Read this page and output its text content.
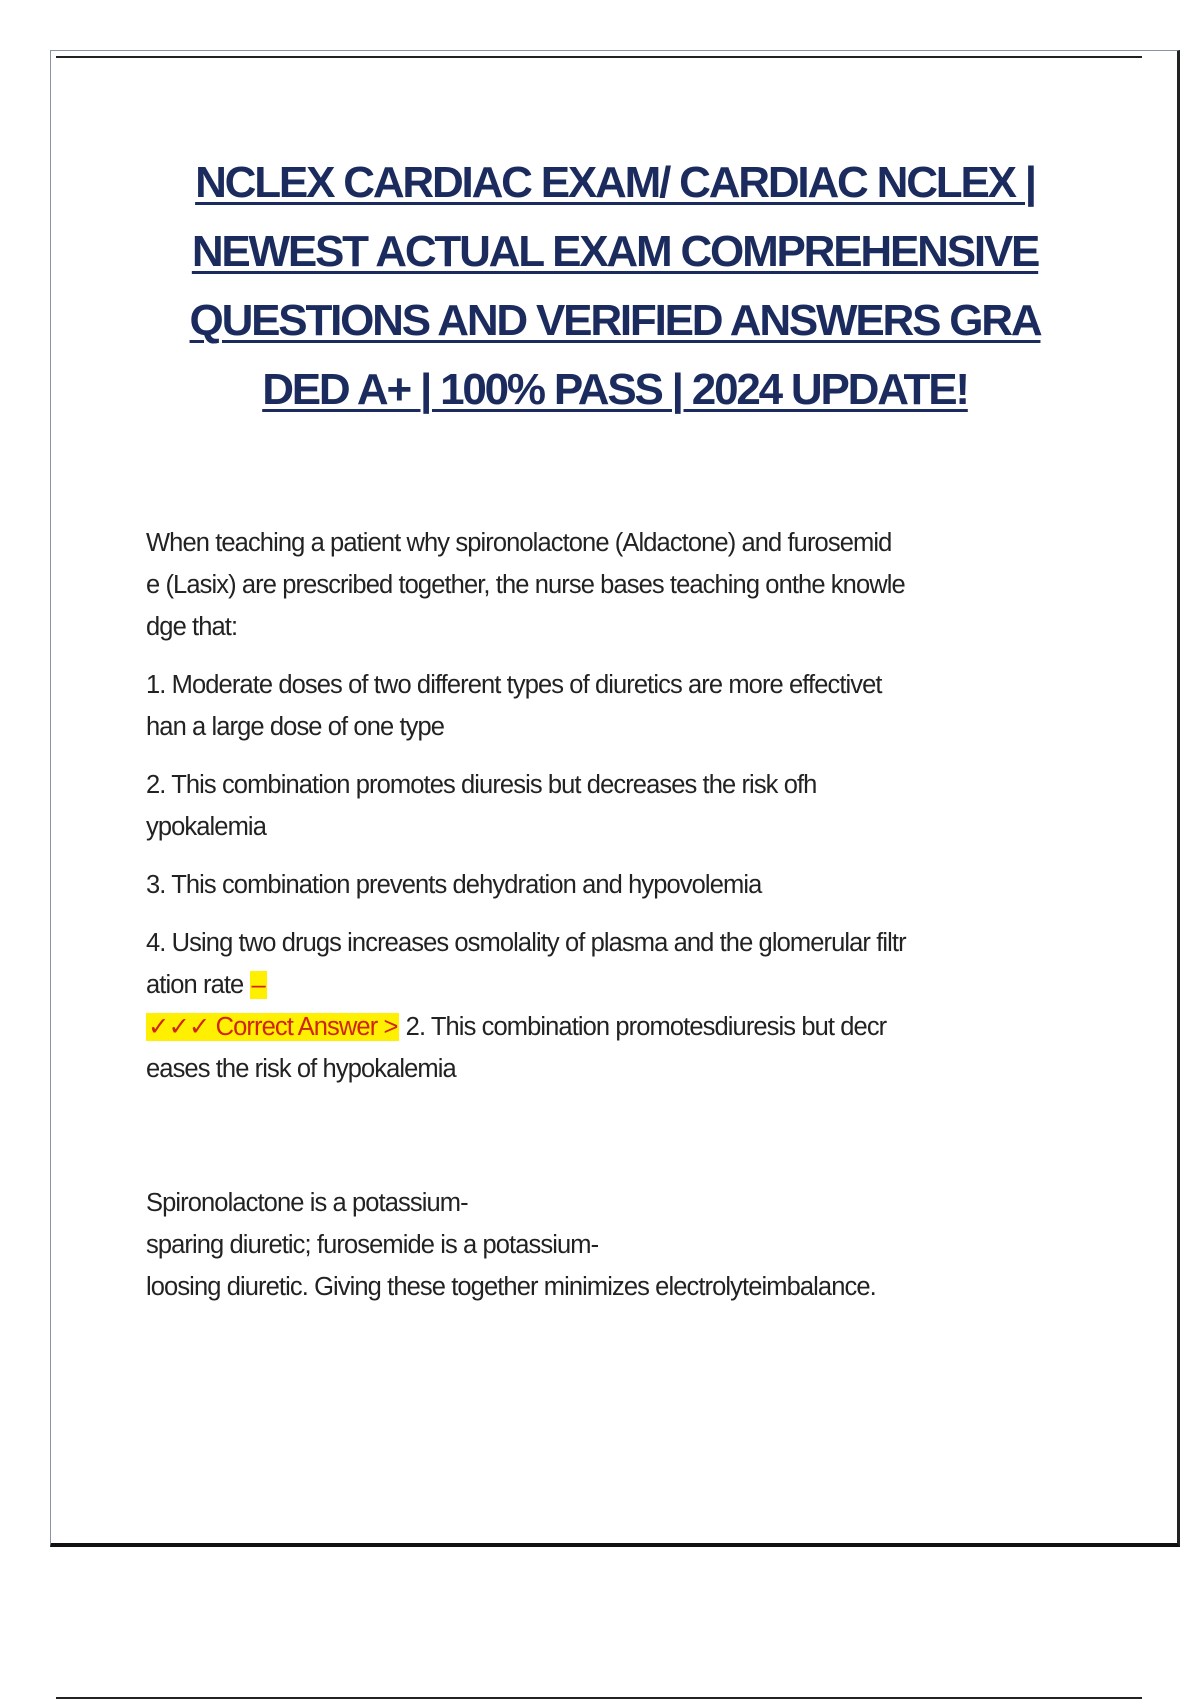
NCLEX CARDIAC EXAM/ CARDIAC NCLEX |
NEWEST ACTUAL EXAM COMPREHENSIVE
QUESTIONS AND VERIFIED ANSWERS GRA
DED A+ | 100% PASS | 2024 UPDATE!
When teaching a patient why spironolactone (Aldactone) and furosemid
e (Lasix) are prescribed together, the nurse bases teaching onthe knowle
dge that:
1. Moderate doses of two different types of diuretics are more effectivet
han a large dose of one type
2. This combination promotes diuresis but decreases the risk ofh
ypokalemia
3. This combination prevents dehydration and hypovolemia
4. Using two drugs increases osmolality of plasma and the glomerular filtr
ation rate –
✓✓✓ Correct Answer > 2. This combination promotesdiuresis but decr
eases the risk of hypokalemia
Spironolactone is a potassium-
sparing diuretic; furosemide is a potassium-
loosing diuretic. Giving these together minimizes electrolyteimbalance.
